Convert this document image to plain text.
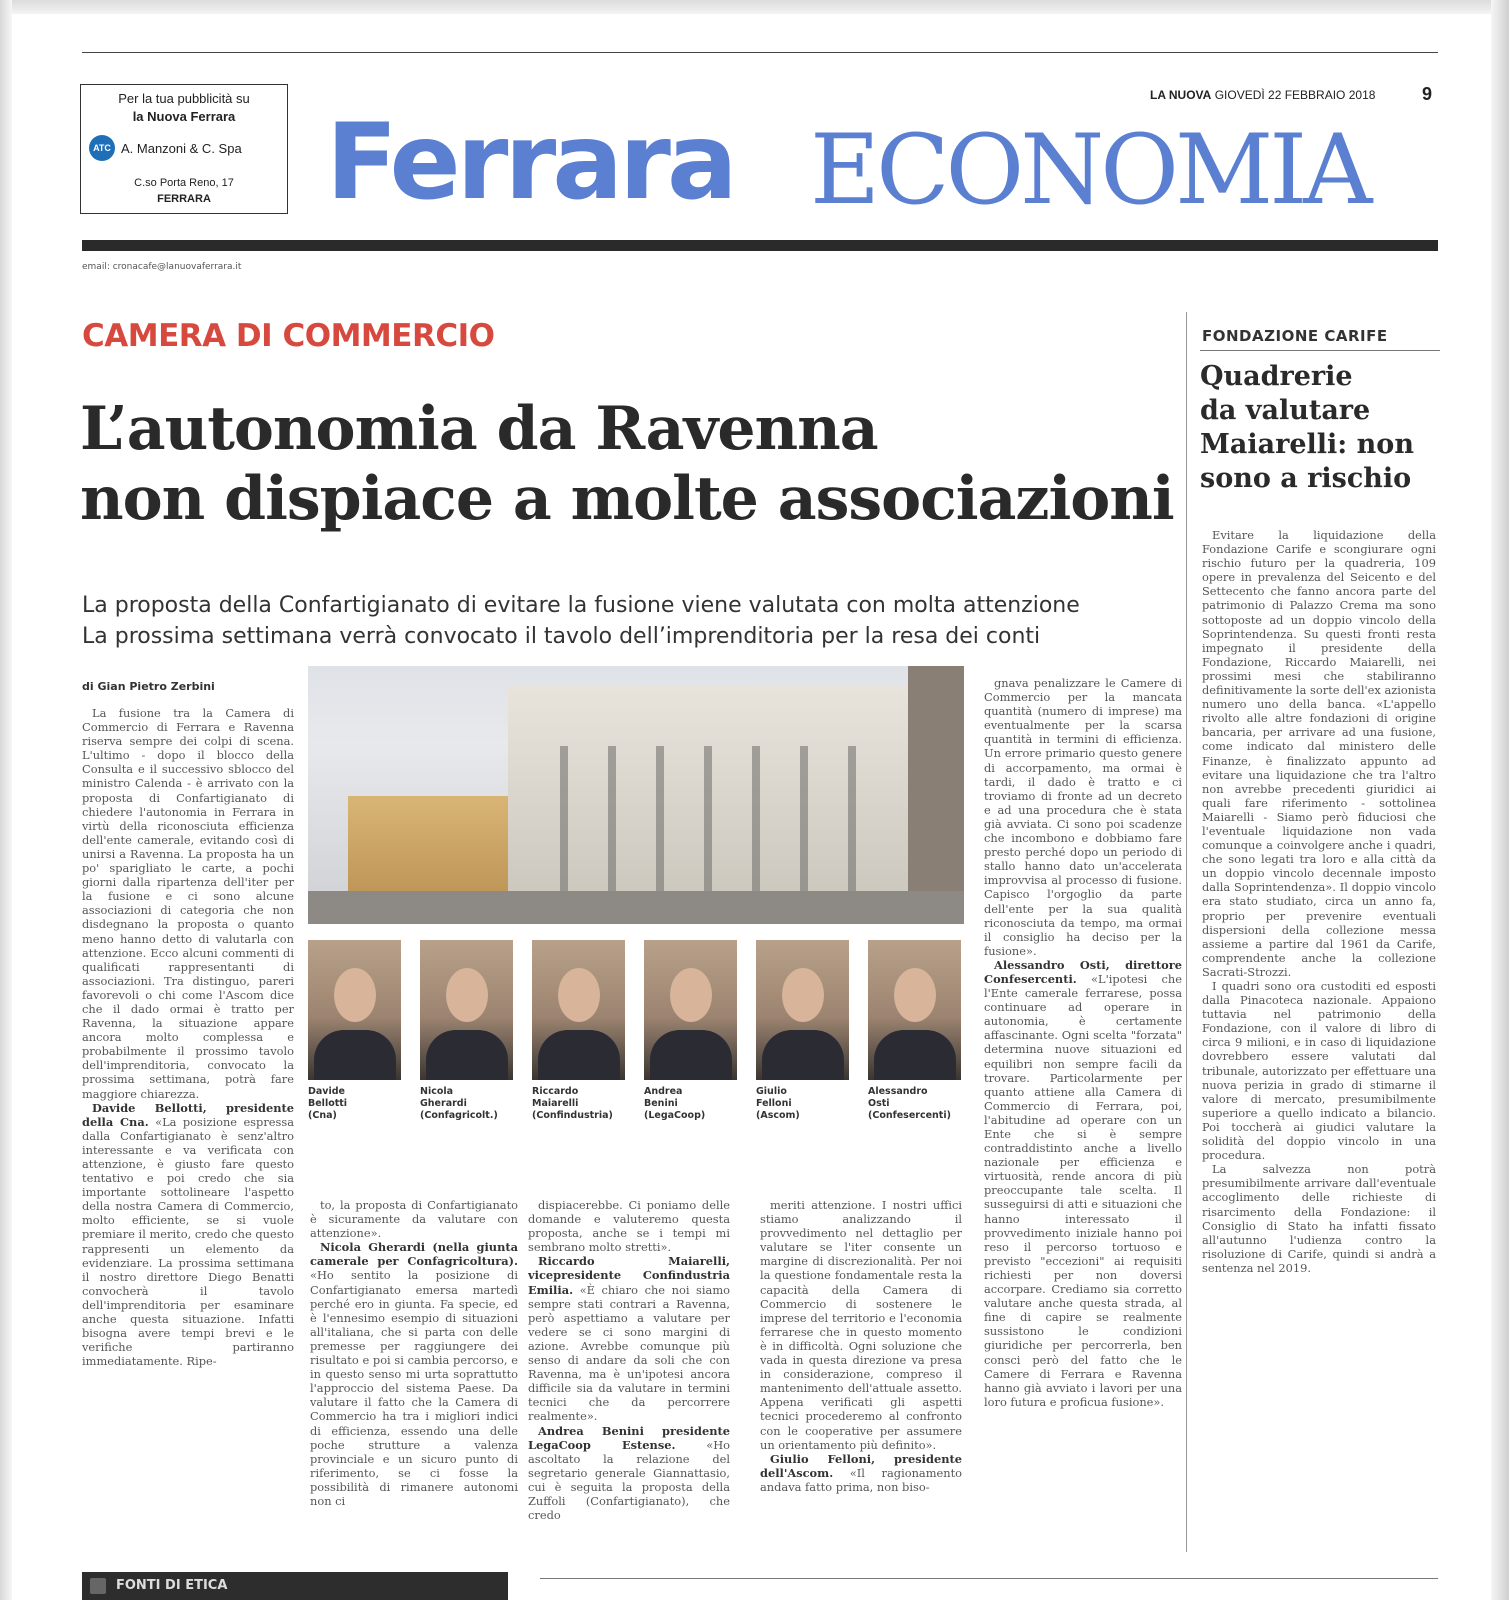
Per la tua pubblicità su
la Nuova Ferrara
ATC A. Manzoni & C. Spa
C.so Porta Reno, 17
FERRARA
LA NUOVA GIOVEDÌ 22 FEBBRAIO 2018	9
Ferrara ECONOMIA
email: cronacafe@lanuovaferrara.it
CAMERA DI COMMERCIO
L’autonomia da Ravenna
non dispiace a molte associazioni
La proposta della Confartigianato di evitare la fusione viene valutata con molta attenzione
La prossima settimana verrà convocato il tavolo dell’imprenditoria per la resa dei conti
di Gian Pietro Zerbini

La fusione tra la Camera di Commercio di Ferrara e Ravenna riserva sempre dei colpi di scena. L'ultimo - dopo il blocco della Consulta e il successivo sblocco del ministro Calenda - è arrivato con la proposta di Confartigianato di chiedere l'autonomia in Ferrara in virtù della riconosciuta efficienza dell'ente camerale, evitando così di unirsi a Ravenna. La proposta ha un po' sparigliato le carte, a pochi giorni dalla ripartenza dell'iter per la fusione e ci sono alcune associazioni di categoria che non disdegnano la proposta o quanto meno hanno detto di valutarla con attenzione. Ecco alcuni commenti di qualificati rappresentanti di associazioni. Tra distinguo, pareri favorevoli o chi come l'Ascom dice che il dado ormai è tratto per Ravenna, la situazione appare ancora molto complessa e probabilmente il prossimo tavolo dell'imprenditoria, convocato la prossima settimana, potrà fare maggiore chiarezza.

Davide Bellotti, presidente della Cna. «La posizione espressa dalla Confartigianato è senz'altro interessante e va verificata con attenzione, è giusto fare questo tentativo e poi credo che sia importante sottolineare l'aspetto della nostra Camera di Commercio, molto efficiente, se si vuole premiare il merito, credo che questo rappresenti un elemento da evidenziare. La prossima settimana il nostro direttore Diego Benatti convocherà il tavolo dell'imprenditoria per esaminare anche questa situazione. Infatti bisogna avere tempi brevi e le verifiche partiranno immediatamente. Ripe-

Davide
Bellotti
(Cna)
Nicola
Gherardi
(Confagricolt.)
Riccardo
Maiarelli
(Confindustria)
Andrea
Benini
(LegaCoop)
Giulio
Felloni
(Ascom)
Alessandro
Osti
(Confesercenti)

to, la proposta di Confartigianato è sicuramente da valutare con attenzione».

Nicola Gherardi (nella giunta camerale per Confagricoltura). «Ho sentito la posizione di Confartigianato emersa martedì perché ero in giunta. Fa specie, ed è l'ennesimo esempio di situazioni all'italiana, che si parta con delle premesse per raggiungere dei risultato e poi si cambia percorso, e in questo senso mi urta soprattutto l'approccio del sistema Paese. Da valutare il fatto che la Camera di Commercio ha tra i migliori indici di efficienza, essendo una delle poche strutture a valenza provinciale e un sicuro punto di riferimento, se ci fosse la possibilità di rimanere autonomi non ci

dispiacerebbe. Ci poniamo delle domande e valuteremo questa proposta, anche se i tempi mi sembrano molto stretti».

Riccardo Maiarelli, vicepresidente Confindustria Emilia. «È chiaro che noi siamo sempre stati contrari a Ravenna, però aspettiamo a valutare per vedere se ci sono margini di azione. Avrebbe comunque più senso di andare da soli che con Ravenna, ma è un'ipotesi ancora difficile sia da valutare in termini tecnici che da percorrere realmente».

Andrea Benini presidente LegaCoop Estense.	«Ho ascoltato la relazione del segretario generale Giannattasio, cui è seguita la proposta della Zuffoli (Confartigianato), che credo

meriti attenzione. I nostri uffici stiamo analizzando il provvedimento nel dettaglio per valutare se l'iter consente un margine di discrezionalità. Per noi la questione fondamentale resta la capacità della Camera di Commercio di sostenere le imprese del territorio e l'economia ferrarese che in questo momento è in difficoltà. Ogni soluzione che vada in questa direzione va presa in considerazione, compreso il mantenimento dell'attuale assetto. Appena verificati gli aspetti tecnici procederemo al confronto con le cooperative per assumere un orientamento più definito».

Giulio Felloni, presidente dell'Ascom. «Il ragionamento andava fatto prima, non biso-

gnava penalizzare le Camere di Commercio per la mancata quantità (numero di imprese) ma eventualmente per la scarsa quantità in termini di efficienza. Un errore primario questo genere di accorpamento, ma ormai è tardi, il dado è tratto e ci troviamo di fronte ad un decreto e ad una procedura che è stata già avviata. Ci sono poi scadenze che incombono e dobbiamo fare presto perché dopo un periodo di stallo hanno dato un'accelerata improvvisa al processo di fusione. Capisco l'orgoglio da parte dell'ente per la sua qualità riconosciuta da tempo, ma ormai il consiglio ha deciso per la fusione».

Alessandro Osti, direttore Confesercenti. «L'ipotesi che l'Ente camerale ferrarese, possa continuare ad operare in autonomia, è certamente affascinante. Ogni scelta "forzata" determina nuove situazioni ed equilibri non sempre facili da trovare. Particolarmente per quanto attiene alla Camera di Commercio di Ferrara, poi, l'abitudine ad operare con un Ente che si è sempre contraddistinto anche a livello nazionale per efficienza e virtuosità, rende ancora di più preoccupante tale scelta. Il susseguirsi di atti e situazioni che hanno interessato il provvedimento iniziale hanno poi reso il percorso tortuoso e previsto "eccezioni" ai requisiti richiesti per non doversi accorpare. Crediamo sia corretto valutare anche questa strada, al fine di capire se realmente sussistono le condizioni giuridiche per percorrerla, ben consci però del fatto che le Camere di Ferrara e Ravenna hanno già avviato i lavori per una loro futura e proficua fusione».

FONDAZIONE CARIFE
Quadrerie
da valutare
Maiarelli: non
sono a rischio

Evitare la liquidazione della Fondazione Carife e scongiurare ogni rischio futuro per la quadreria, 109 opere in prevalenza del Seicento e del Settecento che fanno ancora parte del patrimonio di Palazzo Crema ma sono sottoposte ad un doppio vincolo della Soprintendenza. Su questi fronti resta impegnato il presidente della Fondazione, Riccardo Maiarelli, nei prossimi mesi che stabiliranno definitivamente la sorte dell'ex azionista numero uno della banca. «L'appello rivolto alle altre fondazioni di origine bancaria, per arrivare ad una fusione, come indicato dal ministero delle Finanze, è finalizzato appunto ad evitare una liquidazione che tra l'altro non avrebbe precedenti giuridici ai quali fare riferimento - sottolinea Maiarelli - Siamo però fiduciosi che l'eventuale liquidazione non vada comunque a coinvolgere anche i quadri, che sono legati tra loro e alla città da un doppio vincolo decennale imposto dalla Soprintendenza». Il doppio vincolo era stato studiato, circa un anno fa, proprio per prevenire eventuali dispersioni della collezione messa assieme a partire dal 1961 da Carife, comprendente anche la collezione Sacrati-Strozzi.

I quadri sono ora custoditi ed esposti dalla Pinacoteca nazionale. Appaiono tuttavia nel patrimonio della Fondazione, con il valore di libro di circa 9 milioni, e in caso di liquidazione dovrebbero essere valutati dal tribunale, autorizzato per effettuare una nuova perizia in grado di stimarne il valore di mercato, presumibilmente superiore a quello indicato a bilancio. Poi toccherà ai giudici valutare la solidità del doppio vincolo in una procedura.

La salvezza non potrà presumibilmente arrivare dall'eventuale accoglimento delle richieste di risarcimento della Fondazione: il Consiglio di Stato ha infatti fissato all'autunno l'udienza contro la risoluzione di Carife, quindi si andrà a sentenza nel 2019.

FONTI DI ETICA
